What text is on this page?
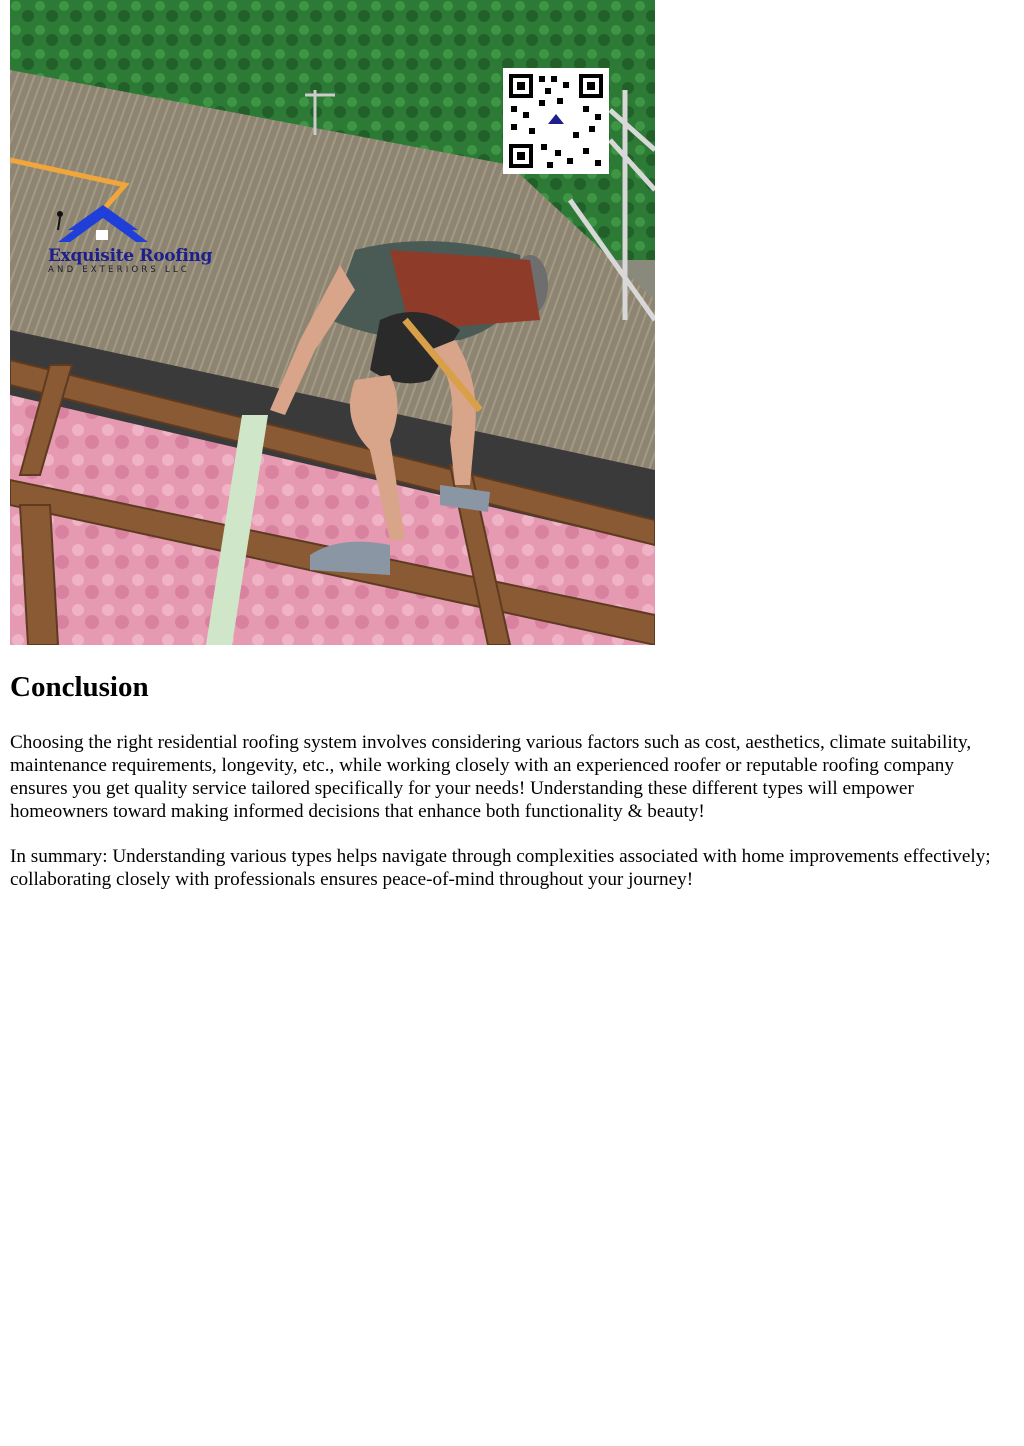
Exquisite Roofing
AND EXTERIORS LLC
Conclusion

Choosing the right residential roofing system involves considering various factors such as cost, aesthetics, climate suitability, maintenance requirements, longevity, etc., while working closely with an experienced roofer or reputable roofing company ensures you get quality service tailored specifically for your needs! Understanding these different types will empower homeowners toward making informed decisions that enhance both functionality & beauty!

In summary: Understanding various types helps navigate through complexities associated with home improvements effectively; collaborating closely with professionals ensures peace-of-mind throughout your journey!
